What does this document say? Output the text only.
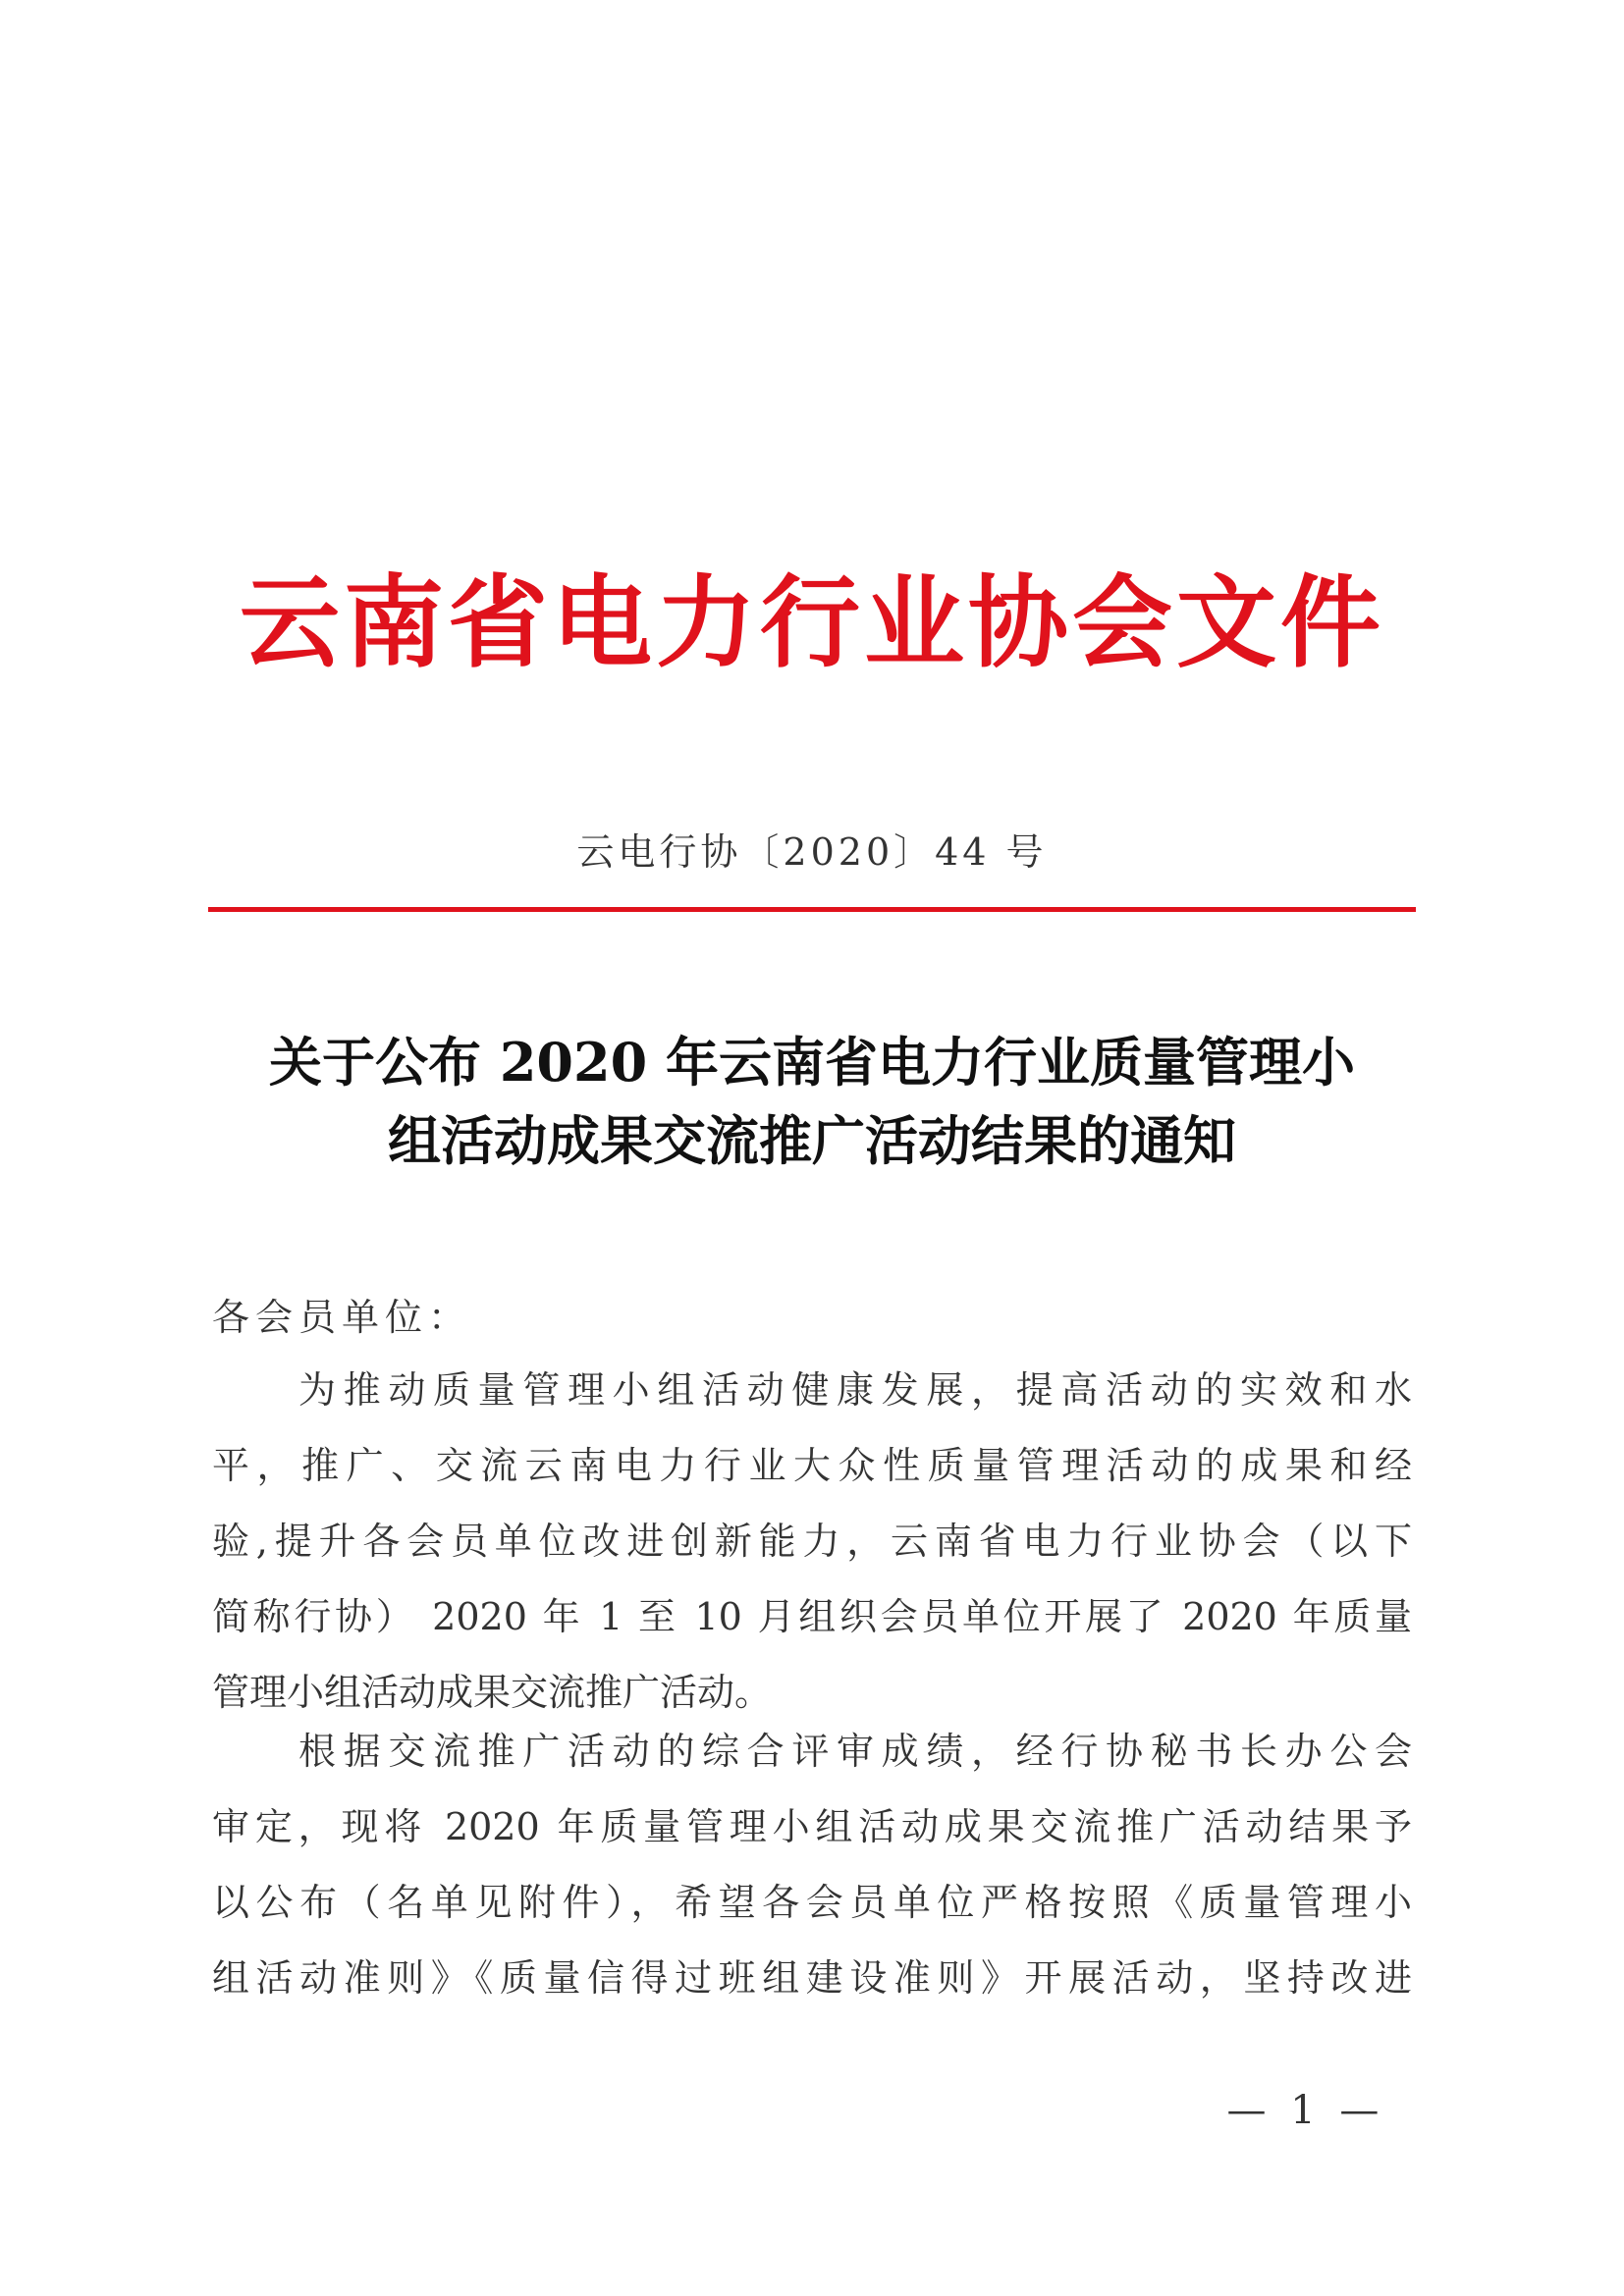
云南省电力行业协会文件
云电行协〔2020〕44 号
关于公布 2020 年云南省电力行业质量管理小
组活动成果交流推广活动结果的通知
各会员单位：
为推动质量管理小组活动健康发展，提高活动的实效和水
平，推广、交流云南电力行业大众性质量管理活动的成果和经
验,提升各会员单位改进创新能力，云南省电力行业协会（以下
简称行协） 2020 年 1 至 10 月组织会员单位开展了 2020 年质量
管理小组活动成果交流推广活动。
根据交流推广活动的综合评审成绩，经行协秘书长办公会
审定，现将 2020 年质量管理小组活动成果交流推广活动结果予
以公布（名单见附件），希望各会员单位严格按照《质量管理小
组活动准则》《质量信得过班组建设准则》开展活动，坚持改进
— 1 —
